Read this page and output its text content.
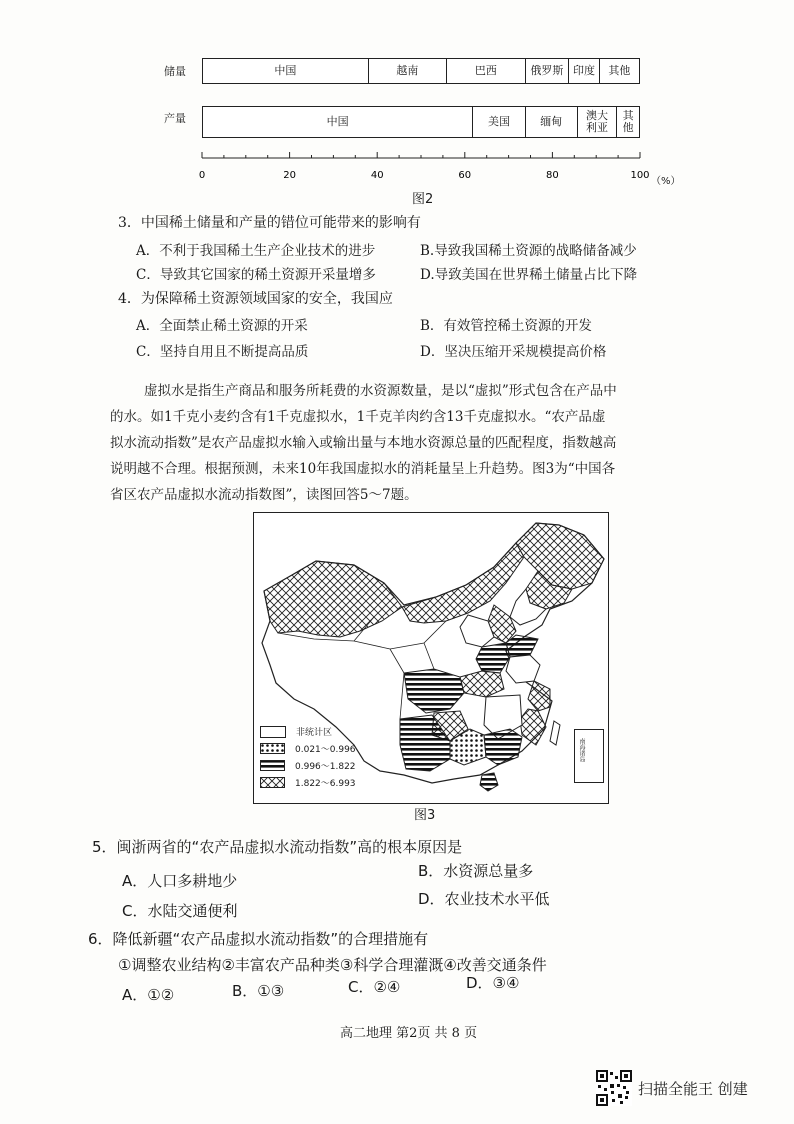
储量	中国	越南	巴西	俄罗斯 印度	其他
产量	中国	美国	缅甸	澳大利亚
其他
0	20	40	60	80	100
（%）
图2
3．中国稀土储量和产量的错位可能带来的影响有
A．不利于我国稀土生产企业技术的进步	B.导致我国稀土资源的战略储备减少
C．导致其它国家的稀土资源开采量增多	D.导致美国在世界稀土储量占比下降
4．为保障稀土资源领域国家的安全，我国应
A．全面禁止稀土资源的开采	B．有效管控稀土资源的开发
C．坚持自用且不断提高品质	D．坚决压缩开采规模提高价格
虚拟水是指生产商品和服务所耗费的水资源数量，是以“虚拟”形式包含在产品中
的水。如1千克小麦约含有1千克虚拟水，1千克羊肉约含13千克虚拟水。“农产品虚
拟水流动指数”是农产品虚拟水输入或输出量与本地水资源总量的匹配程度，指数越高
说明越不合理。根据预测，未来10年我国虚拟水的消耗量呈上升趋势。图3为“中国各
省区农产品虚拟水流动指数图”，读图回答5～7题。
非统计区
0.021～0.996
0.996～1.822
1.822～6.993
南海诸岛
图3
5．闽浙两省的“农产品虚拟水流动指数”高的根本原因是
A．人口多耕地少
B．水资源总量多
C．水陆交通便利
D．农业技术水平低
6．降低新疆“农产品虚拟水流动指数”的合理措施有
①调整农业结构②丰富农产品种类③科学合理灌溉④改善交通条件
A．①②	B．①③	C．②④	D．③④
高二地理 第2页 共 8 页
扫描全能王 创建
